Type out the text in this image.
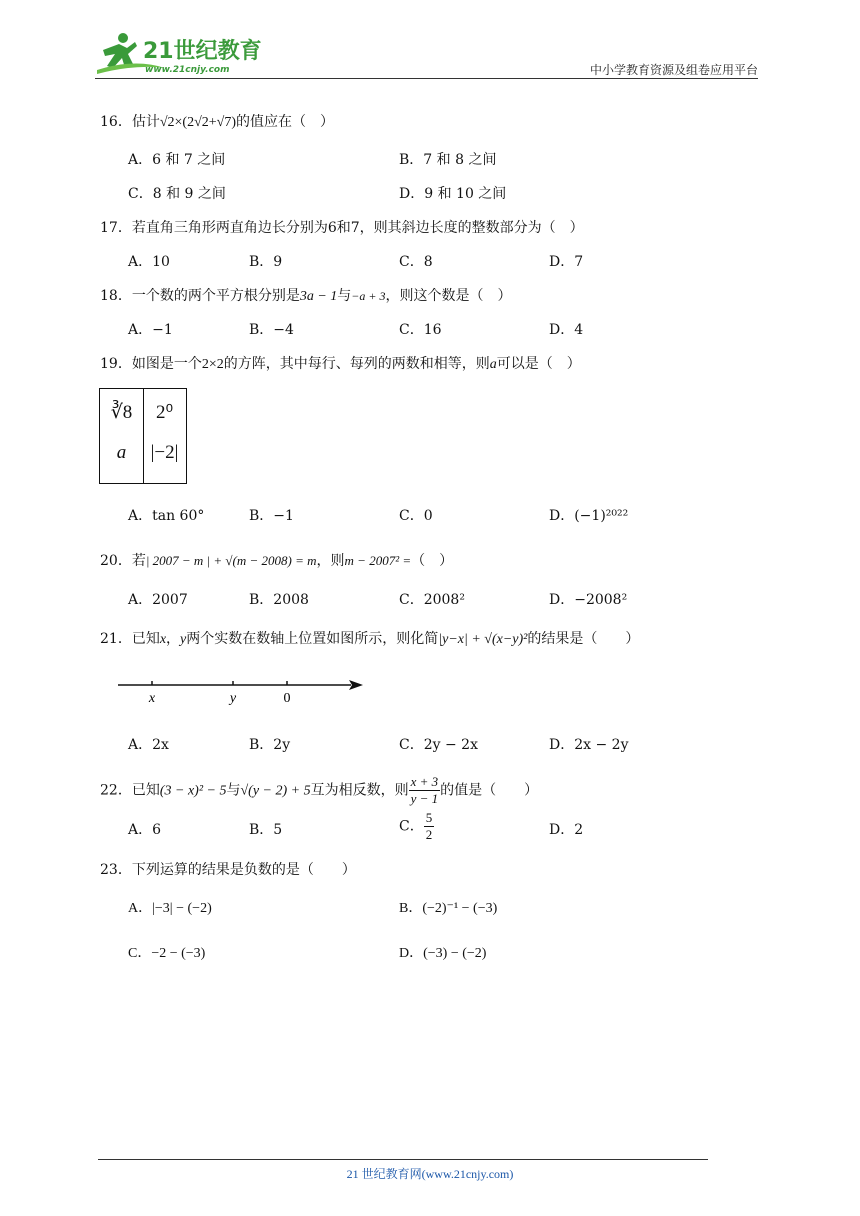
21世纪教育
www.21cnjy.com	中小学教育资源及组卷应用平台
16．估计√2×(2√2+√7)的值应在（　）
A．6 和 7 之间	B．7 和 8 之间
C．8 和 9 之间	D．9 和 10 之间
17．若直角三角形两直角边长分别为6和7，则其斜边长度的整数部分为（　）
A．10	B．9	C．8	D．7
18．一个数的两个平方根分别是3a − 1与−a + 3，则这个数是（　）
A．−1	B．−4	C．16	D．4
19．如图是一个2×2的方阵，其中每行、每列的两数和相等，则a可以是（　）
∛8	2⁰
a	|−2|
A．tan 60°	B．−1	C．0	D．(−1)²⁰²²
20．若| 2007 − m | + √(m − 2008) = m，则m − 2007² =（　）
A．2007	B．2008	C．2008²	D．−2008²
21．已知x，y两个实数在数轴上位置如图所示，则化简|y−x| + √(x−y)²的结果是（　　）
x	y	0
A．2x	B．2y	C．2y − 2x	D．2x − 2y
22．已知(3 − x)² − 5与√(y − 2) + 5互为相反数，则 $\frac{x + 3}{y - 1}$ 的值是（　　）
A．6	B．5	C． $\frac{5}{2}$	D．2
23．下列运算的结果是负数的是（　　）
A．|−3| − (−2)	B．(−2)⁻¹ − (−3)
C．−2 − (−3)	D．(−3) − (−2)
21 世纪教育网(www.21cnjy.com)
